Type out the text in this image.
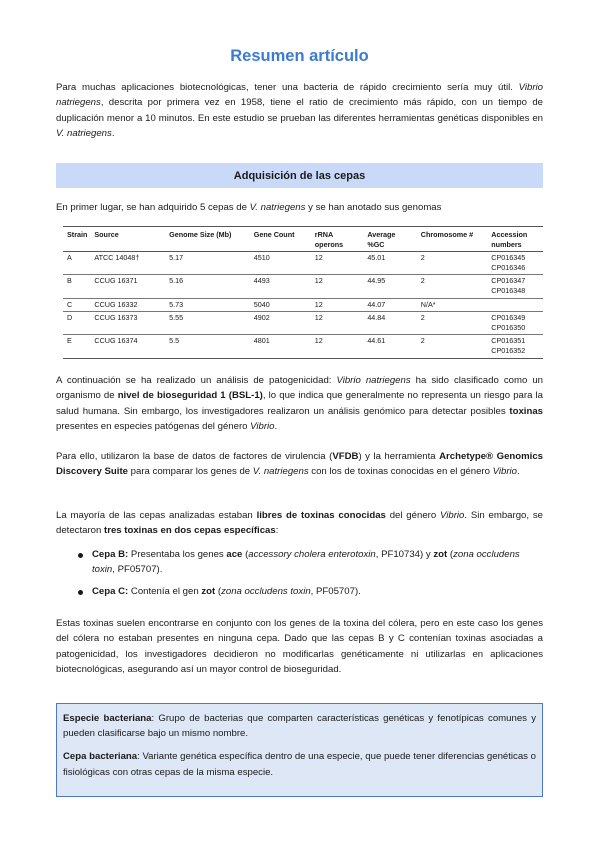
Resumen artículo

Para muchas aplicaciones biotecnológicas, tener una bacteria de rápido crecimiento sería muy útil. Vibrio natriegens, descrita por primera vez en 1958, tiene el ratio de crecimiento más rápido, con un tiempo de duplicación menor a 10 minutos. En este estudio se prueban las diferentes herramientas genéticas disponibles en V. natriegens.

Adquisición de las cepas

En primer lugar, se han adquirido 5 cepas de V. natriegens y se han anotado sus genomas

Strain	Source	Genome Size (Mb)	Gene Count	rRNA operons	Average %GC	Chromosome #	Accession numbers
A	ATCC 14048†	5.17	4510	12	45.01	2	CP016345
CP016346
B	CCUG 16371	5.16	4493	12	44.95	2	CP016347
CP016348
C	CCUG 16332	5.73	5040	12	44.07	N/A*	
D	CCUG 16373	5.55	4902	12	44.84	2	CP016349
CP016350
E	CCUG 16374	5.5	4801	12	44.61	2	CP016351
CP016352

A continuación se ha realizado un análisis de patogenicidad: Vibrio natriegens ha sido clasificado como un organismo de nivel de bioseguridad 1 (BSL-1), lo que indica que generalmente no representa un riesgo para la salud humana. Sin embargo, los investigadores realizaron un análisis genómico para detectar posibles toxinas presentes en especies patógenas del género Vibrio.

Para ello, utilizaron la base de datos de factores de virulencia (VFDB) y la herramienta Archetype® Genomics Discovery Suite para comparar los genes de V. natriegens con los de toxinas conocidas en el género Vibrio.

La mayoría de las cepas analizadas estaban libres de toxinas conocidas del género Vibrio. Sin embargo, se detectaron tres toxinas en dos cepas específicas:

Cepa B: Presentaba los genes ace (accessory cholera enterotoxin, PF10734) y zot (zona occludens toxin, PF05707).
Cepa C: Contenía el gen zot (zona occludens toxin, PF05707).

Estas toxinas suelen encontrarse en conjunto con los genes de la toxina del cólera, pero en este caso los genes del cólera no estaban presentes en ninguna cepa. Dado que las cepas B y C contenían toxinas asociadas a patogenicidad, los investigadores decidieron no modificarlas genéticamente ni utilizarlas en aplicaciones biotecnológicas, asegurando así un mayor control de bioseguridad.

Especie bacteriana: Grupo de bacterias que comparten características genéticas y fenotípicas comunes y pueden clasificarse bajo un mismo nombre.

Cepa bacteriana: Variante genética específica dentro de una especie, que puede tener diferencias genéticas o fisiológicas con otras cepas de la misma especie.
